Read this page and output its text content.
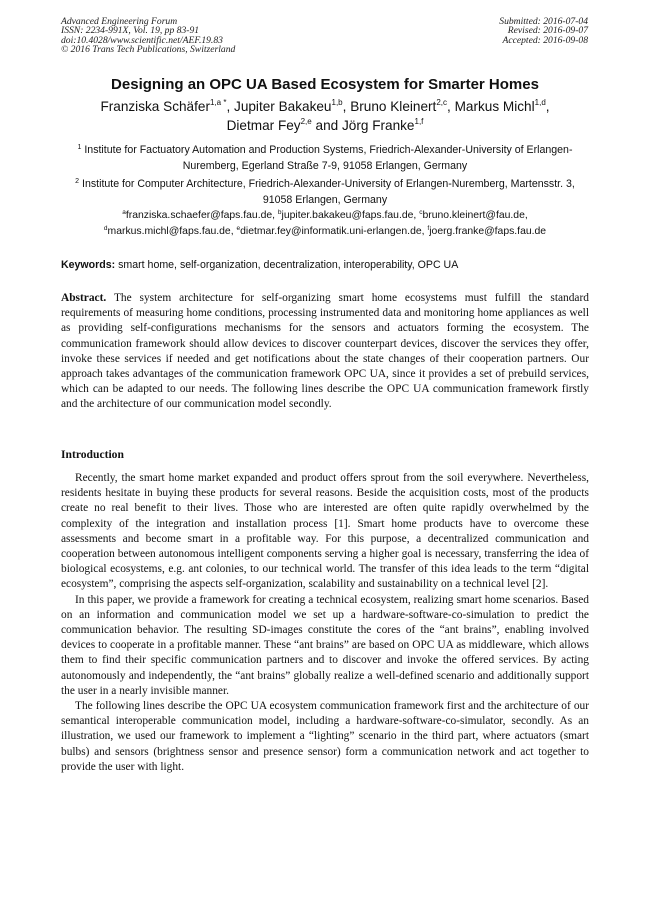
Advanced Engineering Forum
ISSN: 2234-991X, Vol. 19, pp 83-91
doi:10.4028/www.scientific.net/AEF.19.83
© 2016 Trans Tech Publications, Switzerland
Submitted: 2016-07-04
Revised: 2016-09-07
Accepted: 2016-09-08
Designing an OPC UA Based Ecosystem for Smarter Homes
Franziska Schäfer$^{1,a *}$, Jupiter Bakakeu$^{1,b}$, Bruno Kleinert$^{2,c}$, Markus Michl$^{1,d}$,
Dietmar Fey$^{2,e}$ and Jörg Franke$^{1,f}$
$^1$ Institute for Factuatory Automation and Production Systems, Friedrich-Alexander-University of Erlangen-Nuremberg, Egerland Straße 7-9, 91058 Erlangen, Germany
$^2$ Institute for Computer Architecture, Friedrich-Alexander-University of Erlangen-Nuremberg, Martensstr. 3, 91058 Erlangen, Germany
$^a$franziska.schaefer@faps.fau.de, $^b$jupiter.bakakeu@faps.fau.de, $^c$bruno.kleinert@fau.de,
$^d$markus.michl@faps.fau.de, $^e$dietmar.fey@informatik.uni-erlangen.de, $^f$joerg.franke@faps.fau.de
Keywords: smart home, self-organization, decentralization, interoperability, OPC UA
Abstract. The system architecture for self-organizing smart home ecosystems must fulfill the standard requirements of measuring home conditions, processing instrumented data and monitoring home appliances as well as providing self-configurations mechanisms for the sensors and actuators forming the ecosystem. The communication framework should allow devices to discover counterpart devices, discover the services they offer, invoke these services if needed and get notifications about the state changes of their cooperation partners. Our approach takes advantages of the communication framework OPC UA, since it provides a set of prebuild services, which can be adapted to our needs. The following lines describe the OPC UA communication framework firstly and the architecture of our communication model secondly.
Introduction

Recently, the smart home market expanded and product offers sprout from the soil everywhere. Nevertheless, residents hesitate in buying these products for several reasons. Beside the acquisition costs, most of the products create no real benefit to their lives. Those who are interested are often quite rapidly overwhelmed by the complexity of the integration and installation process [1]. Smart home products have to overcome these assessments and become smart in a profitable way. For this purpose, a decentralized communication and cooperation between autonomous intelligent components serving a higher goal is necessary, transferring the idea of biological ecosystems, e.g. ant colonies, to our technical world. The transfer of this idea leads to the term “digital ecosystem”, comprising the aspects self-organization, scalability and sustainability on a technical level [2].

In this paper, we provide a framework for creating a technical ecosystem, realizing smart home scenarios. Based on an information and communication model we set up a hardware-software-co-simulation to predict the communication behavior. The resulting SD-images constitute the cores of the “ant brains”, enabling involved devices to cooperate in a profitable manner. These “ant brains” are based on OPC UA as middleware, which allows them to find their specific communication partners and to discover and invoke the offered services. By acting autonomously and independently, the “ant brains” globally realize a well-defined scenario and additionally support the user in a nearly invisible manner.

The following lines describe the OPC UA ecosystem communication framework first and the architecture of our semantical interoperable communication model, including a hardware-software-co-simulator, secondly. As an illustration, we used our framework to implement a “lighting” scenario in the third part, where actuators (smart bulbs) and sensors (brightness sensor and presence sensor) form a communication network and act together to provide the user with light.
